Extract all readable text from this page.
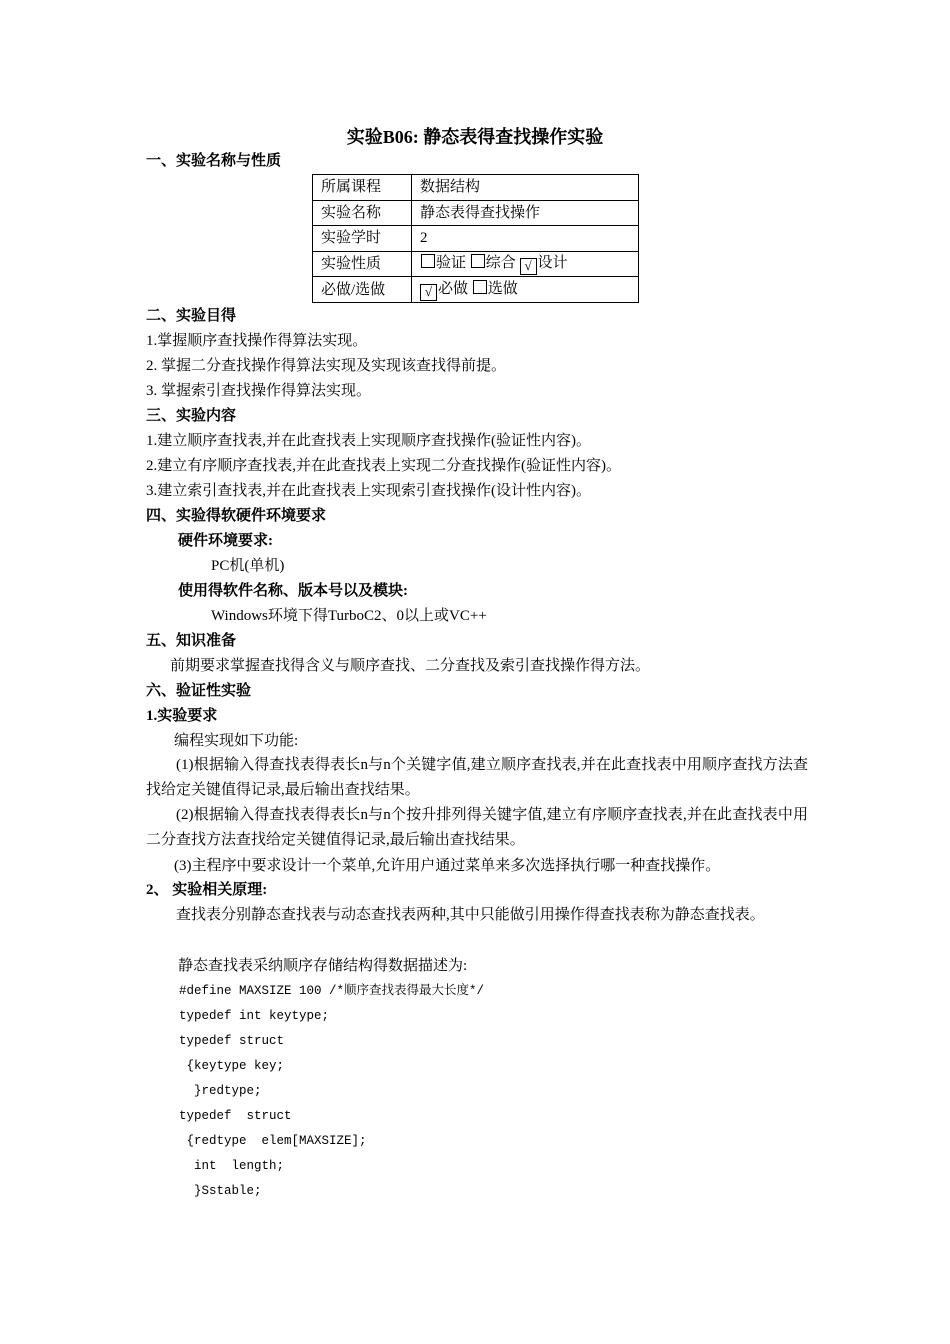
实验B06: 静态表得查找操作实验
一、实验名称与性质
所属课程	数据结构
实验名称	静态表得查找操作
实验学时	2
实验性质	验证 综合 √ 设计
必做/选做	√ 必做 选做
二、实验目得
1.掌握顺序查找操作得算法实现。
2. 掌握二分查找操作得算法实现及实现该查找得前提。
3. 掌握索引查找操作得算法实现。
三、实验内容
1.建立顺序查找表,并在此查找表上实现顺序查找操作(验证性内容)。
2.建立有序顺序查找表,并在此查找表上实现二分查找操作(验证性内容)。
3.建立索引查找表,并在此查找表上实现索引查找操作(设计性内容)。
四、实验得软硬件环境要求
硬件环境要求:
PC机(单机)
使用得软件名称、版本号以及模块:
Windows环境下得TurboC2、0以上或VC++
五、知识准备
前期要求掌握查找得含义与顺序查找、二分查找及索引查找操作得方法。
六、验证性实验
1.实验要求
编程实现如下功能:
(1)根据输入得查找表得表长n与n个关键字值,建立顺序查找表,并在此查找表中用顺序查找方法查找给定关键值得记录,最后输出查找结果。
(2)根据输入得查找表得表长n与n个按升排列得关键字值,建立有序顺序查找表,并在此查找表中用二分查找方法查找给定关键值得记录,最后输出查找结果。
(3)主程序中要求设计一个菜单,允许用户通过菜单来多次选择执行哪一种查找操作。
2、 实验相关原理:
查找表分别静态查找表与动态查找表两种,其中只能做引用操作得查找表称为静态查找表。
静态查找表采纳顺序存储结构得数据描述为:
#define MAXSIZE 100 /*顺序查找表得最大长度*/
typedef int keytype;
typedef struct
{keytype key;
}redtype;
typedef  struct
{redtype  elem[MAXSIZE];
int  length;
}Sstable;
